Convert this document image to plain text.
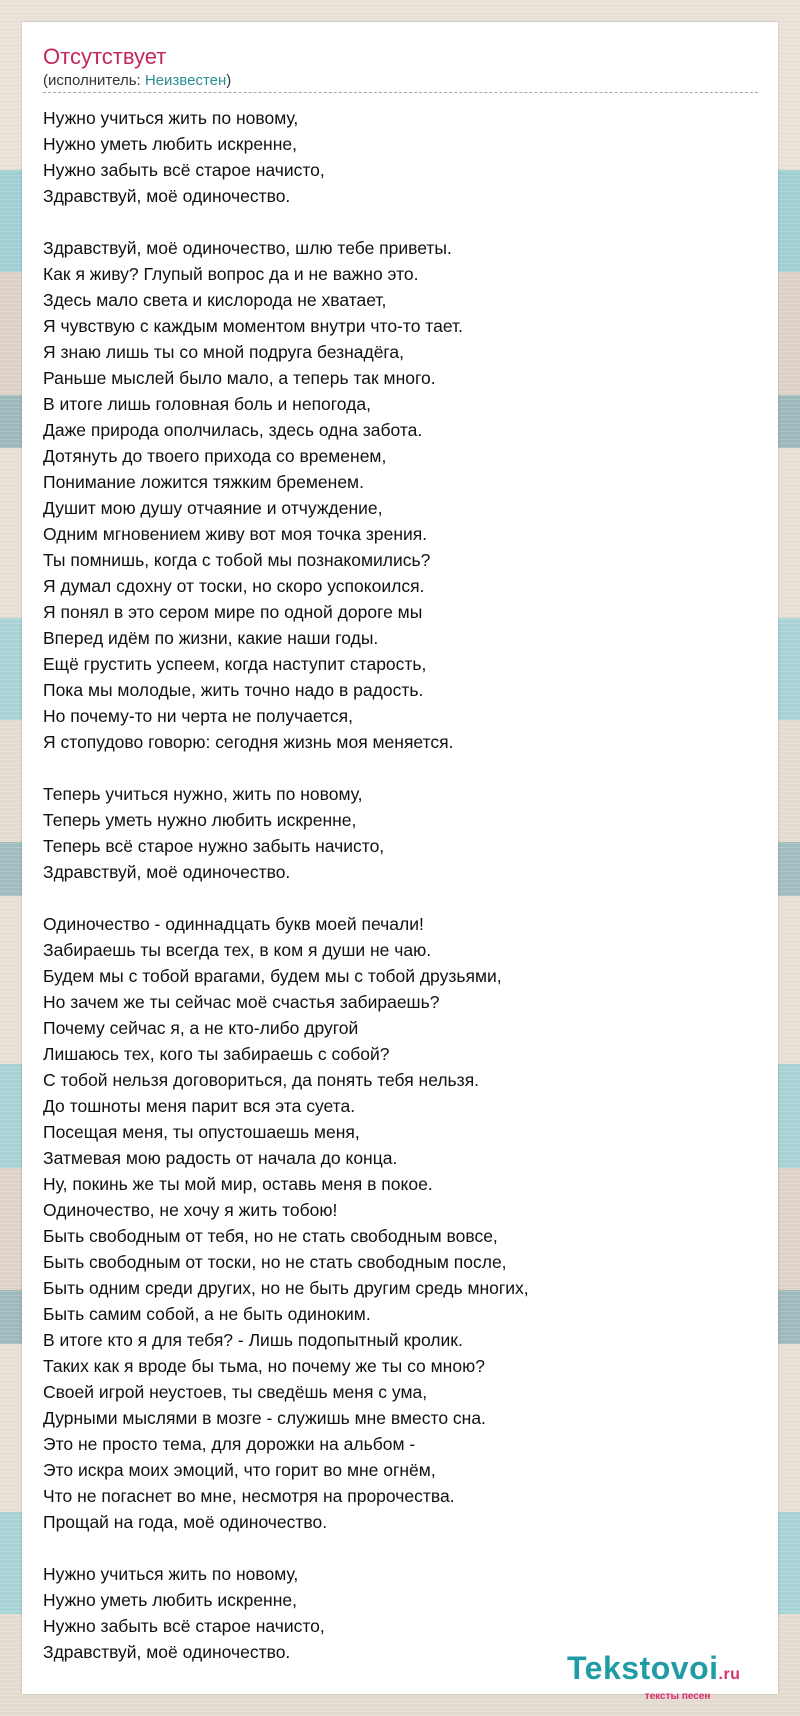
Отсутствует
(исполнитель: Неизвестен)
Нужно учиться жить по новому,
Нужно уметь любить искренне,
Нужно забыть всё старое начисто,
Здравствуй, моё одиночество.
Здравствуй, моё одиночество, шлю тебе приветы.
Как я живу? Глупый вопрос да и не важно это.
Здесь мало света и кислорода не хватает,
Я чувствую с каждым моментом внутри что-то тает.
Я знаю лишь ты со мной подруга безнадёга,
Раньше мыслей было мало, а теперь так много.
В итоге лишь головная боль и непогода,
Даже природа ополчилась, здесь одна забота.
Дотянуть до твоего прихода со временем,
Понимание ложится тяжким бременем.
Душит мою душу отчаяние и отчуждение,
Одним мгновением живу вот моя точка зрения.
Ты помнишь, когда с тобой мы познакомились?
Я думал сдохну от тоски, но скоро успокоился.
Я понял в это сером мире по одной дороге мы
Вперед идём по жизни, какие наши годы.
Ещё грустить успеем, когда наступит старость,
Пока мы молодые, жить точно надо в радость.
Но почему-то ни черта не получается,
Я стопудово говорю: сегодня жизнь моя меняется.
Теперь учиться нужно, жить по новому,
Теперь уметь нужно любить искренне,
Теперь всё старое нужно забыть начисто,
Здравствуй, моё одиночество.
Одиночество - одиннадцать букв моей печали!
Забираешь ты всегда тех, в ком я души не чаю.
Будем мы с тобой врагами, будем мы с тобой друзьями,
Но зачем же ты сейчас моё счастья забираешь?
Почему сейчас я, а не кто-либо другой
Лишаюсь тех, кого ты забираешь с собой?
С тобой нельзя договориться, да понять тебя нельзя.
До тошноты меня парит вся эта суета.
Посещая меня, ты опустошаешь меня,
Затмевая мою радость от начала до конца.
Ну, покинь же ты мой мир, оставь меня в покое.
Одиночество, не хочу я жить тобою!
Быть свободным от тебя, но не стать свободным вовсе,
Быть свободным от тоски, но не стать свободным после,
Быть одним среди других, но не быть другим средь многих,
Быть самим собой, а не быть одиноким.
В итоге кто я для тебя? - Лишь подопытный кролик.
Таких как я вроде бы тьма, но почему же ты со мною?
Своей игрой неустоев, ты сведёшь меня с ума,
Дурными мыслями в мозге - служишь мне вместо сна.
Это не просто тема, для дорожки на альбом -
Это искра моих эмоций, что горит во мне огнём,
Что не погаснет во мне, несмотря на пророчества.
Прощай на года, моё одиночество.
Нужно учиться жить по новому,
Нужно уметь любить искренне,
Нужно забыть всё старое начисто,
Здравствуй, моё одиночество.	Tekstovoi.ru
тексты песен
